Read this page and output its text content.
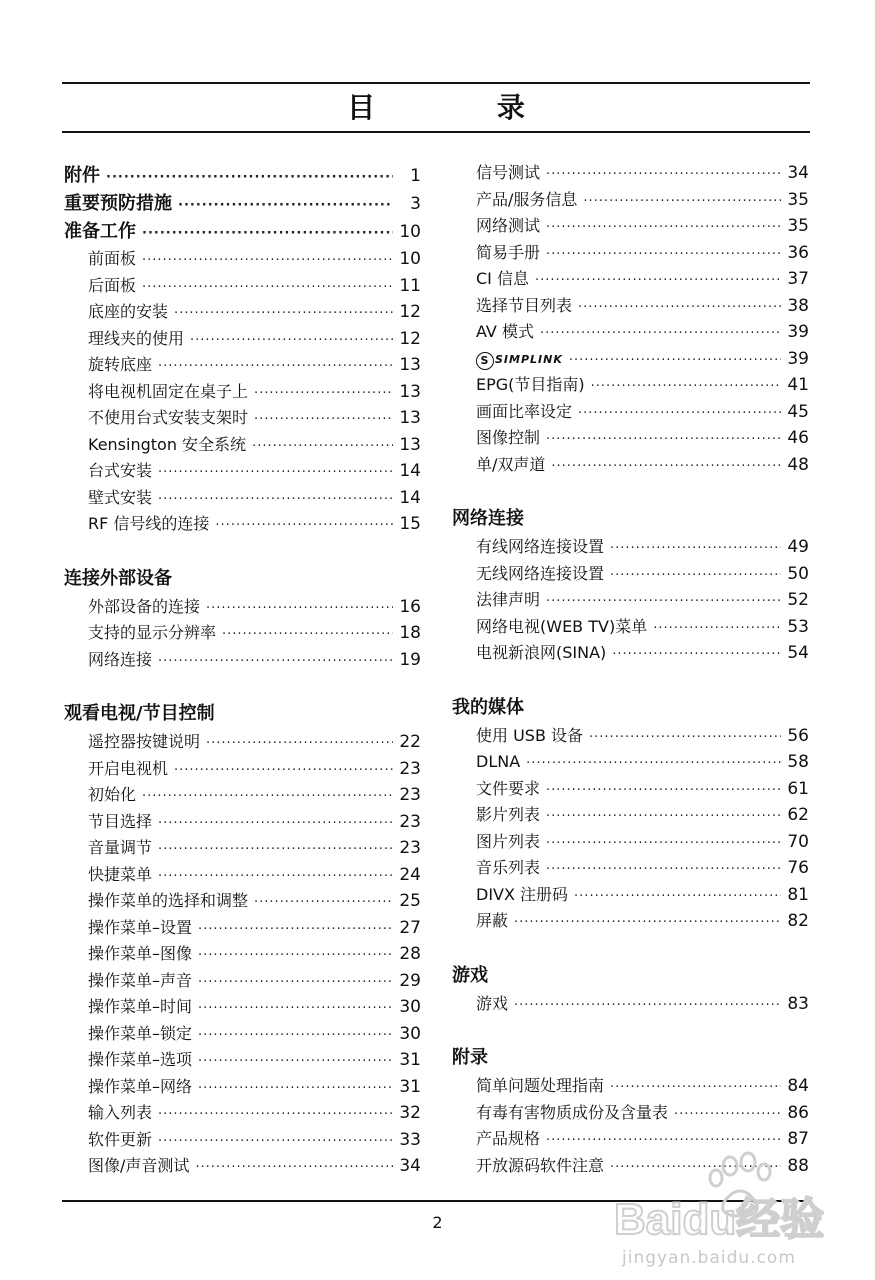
目 录
附件 ·····	1
重要预防措施 ·····	3
准备工作 ·····	10
前面板 ·····	10
后面板 ·····	11
底座的安装 ·····	12
理线夹的使用 ·····	12
旋转底座 ·····	13
将电视机固定在桌子上 ·····	13
不使用台式安装支架时 ·····	13
Kensington 安全系统 ·····	13
台式安装 ·····	14
壁式安装 ·····	14
RF 信号线的连接 ·····	15
连接外部设备
外部设备的连接 ·····	16
支持的显示分辨率 ·····	18
网络连接 ·····	19
观看电视/节目控制
遥控器按键说明 ·····	22
开启电视机 ·····	23
初始化 ·····	23
节目选择 ·····	23
音量调节 ·····	23
快捷菜单 ·····	24
操作菜单的选择和调整 ·····	25
操作菜单–设置 ·····	27
操作菜单–图像 ·····	28
操作菜单–声音 ·····	29
操作菜单–时间 ·····	30
操作菜单–锁定 ·····	30
操作菜单–选项 ·····	31
操作菜单–网络 ·····	31
输入列表 ·····	32
软件更新 ·····	33
图像/声音测试 ·····	34
信号测试 ·····	34
产品/服务信息 ·····	35
网络测试 ·····	35
简易手册 ·····	36
CI 信息 ·····	37
选择节目列表 ·····	38
AV 模式 ·····	39
S SIMPLINK ·····	39
EPG(节目指南) ·····	41
画面比率设定 ·····	45
图像控制 ·····	46
单/双声道 ·····	48
网络连接
有线网络连接设置 ·····	49
无线网络连接设置 ·····	50
法律声明 ·····	52
网络电视(WEB TV)菜单 ·····	53
电视新浪网(SINA) ·····	54
我的媒体
使用 USB 设备 ·····	56
DLNA ·····	58
文件要求 ·····	61
影片列表 ·····	62
图片列表 ·····	70
音乐列表 ·····	76
DIVX 注册码 ·····	81
屏蔽 ·····	82
游戏
游戏 ·····	83
附录
简单问题处理指南 ·····	84
有毒有害物质成份及含量表 ·····	86
产品规格 ·····	87
开放源码软件注意 ·····	88
2	Baidu经验
jingyan.baidu.com
